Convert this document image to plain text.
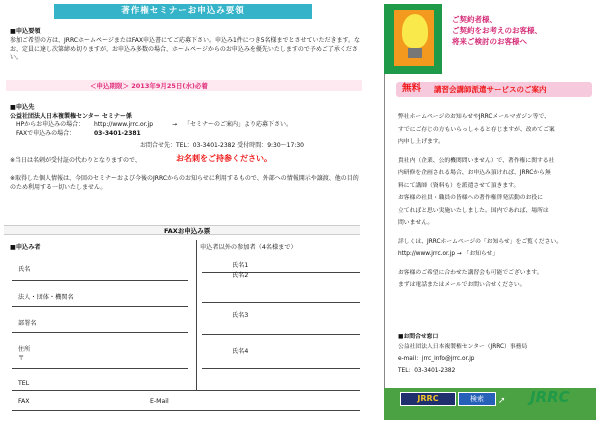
著作権セミナーお申込み要領
■申込要領
参加ご希望の方は、JRRCホームページまたはFAX申込書にてご応募下さい。申込み1件につき5名様までとさせていただきます。なお、定員に達し次第締め切りますが、お申込み多数の場合、ホームページからのお申込みを優先いたしますので予めご了承ください。
＜申込期限＞ 2013年9月25日(水)必着
■申込先
公益社団法人日本複製権センター セミナー係
HPからお申込みの場合： http://www.jrrc.or.jp	→ 「セミナーのご案内」より応募下さい。
FAXで申込みの場合：	03-3401-2381
お問合せ先：TEL：03-3401-2382 受付時間：9:30～17:30
※当日は名刺が受付証の代わりとなりますので、	お名刺をご持参ください。
※取得した個人情報は、今回のセミナーおよび今後のJRRCからのお知らせに利用するもので、外部への情報開示や譲渡、他の目的のため利用する一切いたしません。
FAXお申込み票
■申込み者	申込者以外の参加者（4名様まで）
氏名
法人・団体・機関名
部署名
住所
〒
TEL
FAX	E-Mail
氏名1
氏名2
氏名3
氏名4
ご契約者様、
ご契約をお考えのお客様、
将来ご検討のお客様へ
無料 講習会講師派遣サービスのご案内
■お問合せ窓口
公益社団法人日本複製権センター（JRRC）事務局
e-mail：jrrc_info@jrrc.or.jp
TEL：03-3401-2382
JRRC	検索	➚ JRRC
弊社ホームページのお知らせやJRRCメールマガジン等で、
すでにご存じの方もいらっしゃると存じますが、改めてご案
内申し上げます。
貴社内（企業、公的機関問いません）で、著作権に関する社
内研修を企画される場合、お申込み頂ければ、JRRCから無
料にて講師（資料も）を派遣させて頂きます。
お客様の社員・職員の皆様への著作権啓発活動のお役に
立てればと思い実施いたしました。国内であれば、場所は
問いません。
詳しくは、JRRCホームページの「お知らせ」をご覧ください。
http://www.jrrc.or.jp → 「お知らせ」
お客様のご希望に合わせた講習会も可能でございます。
まずは電話またはメールでお問い合せください。
